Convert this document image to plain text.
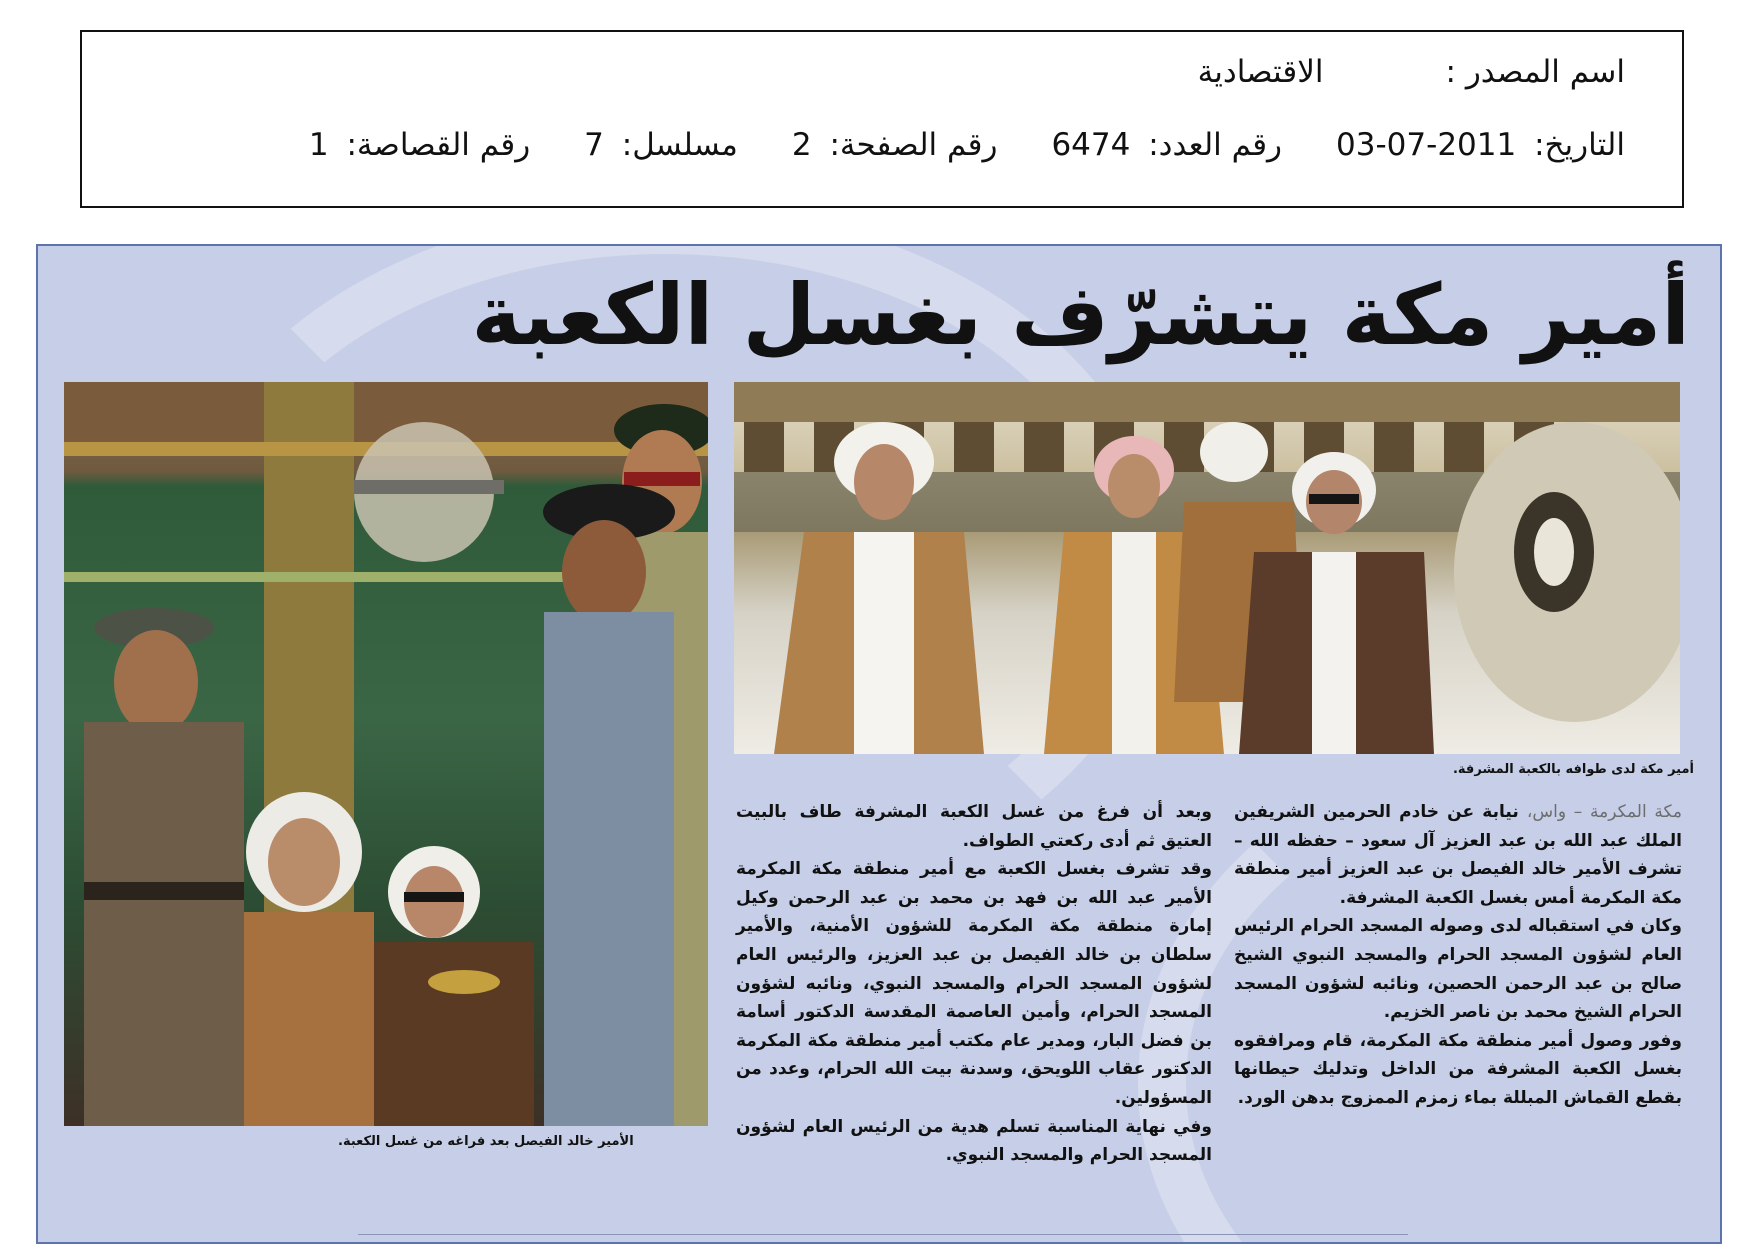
اسم المصدر :
الاقتصادية
التاريخ: 2011-07-03
رقم العدد: 6474
رقم الصفحة: 2
مسلسل: 7
رقم القصاصة: 1
أمير مكة يتشرّف بغسل الكعبة
أمير مكة لدى طوافه بالكعبة المشرفة.
الأمير خالد الفيصل بعد فراغه من غسل الكعبة.

مكة المكرمة – واس، نيابة عن خادم الحرمين الشريفين الملك عبد الله بن عبد العزيز آل سعود – حفظه الله – تشرف الأمير خالد الفيصل بن عبد العزيز أمير منطقة مكة المكرمة أمس بغسل الكعبة المشرفة.

وكان في استقباله لدى وصوله المسجد الحرام الرئيس العام لشؤون المسجد الحرام والمسجد النبوي الشيخ صالح بن عبد الرحمن الحصين، ونائبه لشؤون المسجد الحرام الشيخ محمد بن ناصر الخزيم.

وفور وصول أمير منطقة مكة المكرمة، قام ومرافقوه بغسل الكعبة المشرفة من الداخل وتدليك حيطانها بقطع القماش المبللة بماء زمزم الممزوج بدهن الورد.

وبعد أن فرغ من غسل الكعبة المشرفة طاف بالبيت العتيق ثم أدى ركعتي الطواف.

وقد تشرف بغسل الكعبة مع أمير منطقة مكة المكرمة الأمير عبد الله بن فهد بن محمد بن عبد الرحمن وكيل إمارة منطقة مكة المكرمة للشؤون الأمنية، والأمير سلطان بن خالد الفيصل بن عبد العزيز، والرئيس العام لشؤون المسجد الحرام والمسجد النبوي، ونائبه لشؤون المسجد الحرام، وأمين العاصمة المقدسة الدكتور أسامة بن فضل البار، ومدير عام مكتب أمير منطقة مكة المكرمة الدكتور عقاب اللويحق، وسدنة بيت الله الحرام، وعدد من المسؤولين.

وفي نهاية المناسبة تسلم هدية من الرئيس العام لشؤون المسجد الحرام والمسجد النبوي.
